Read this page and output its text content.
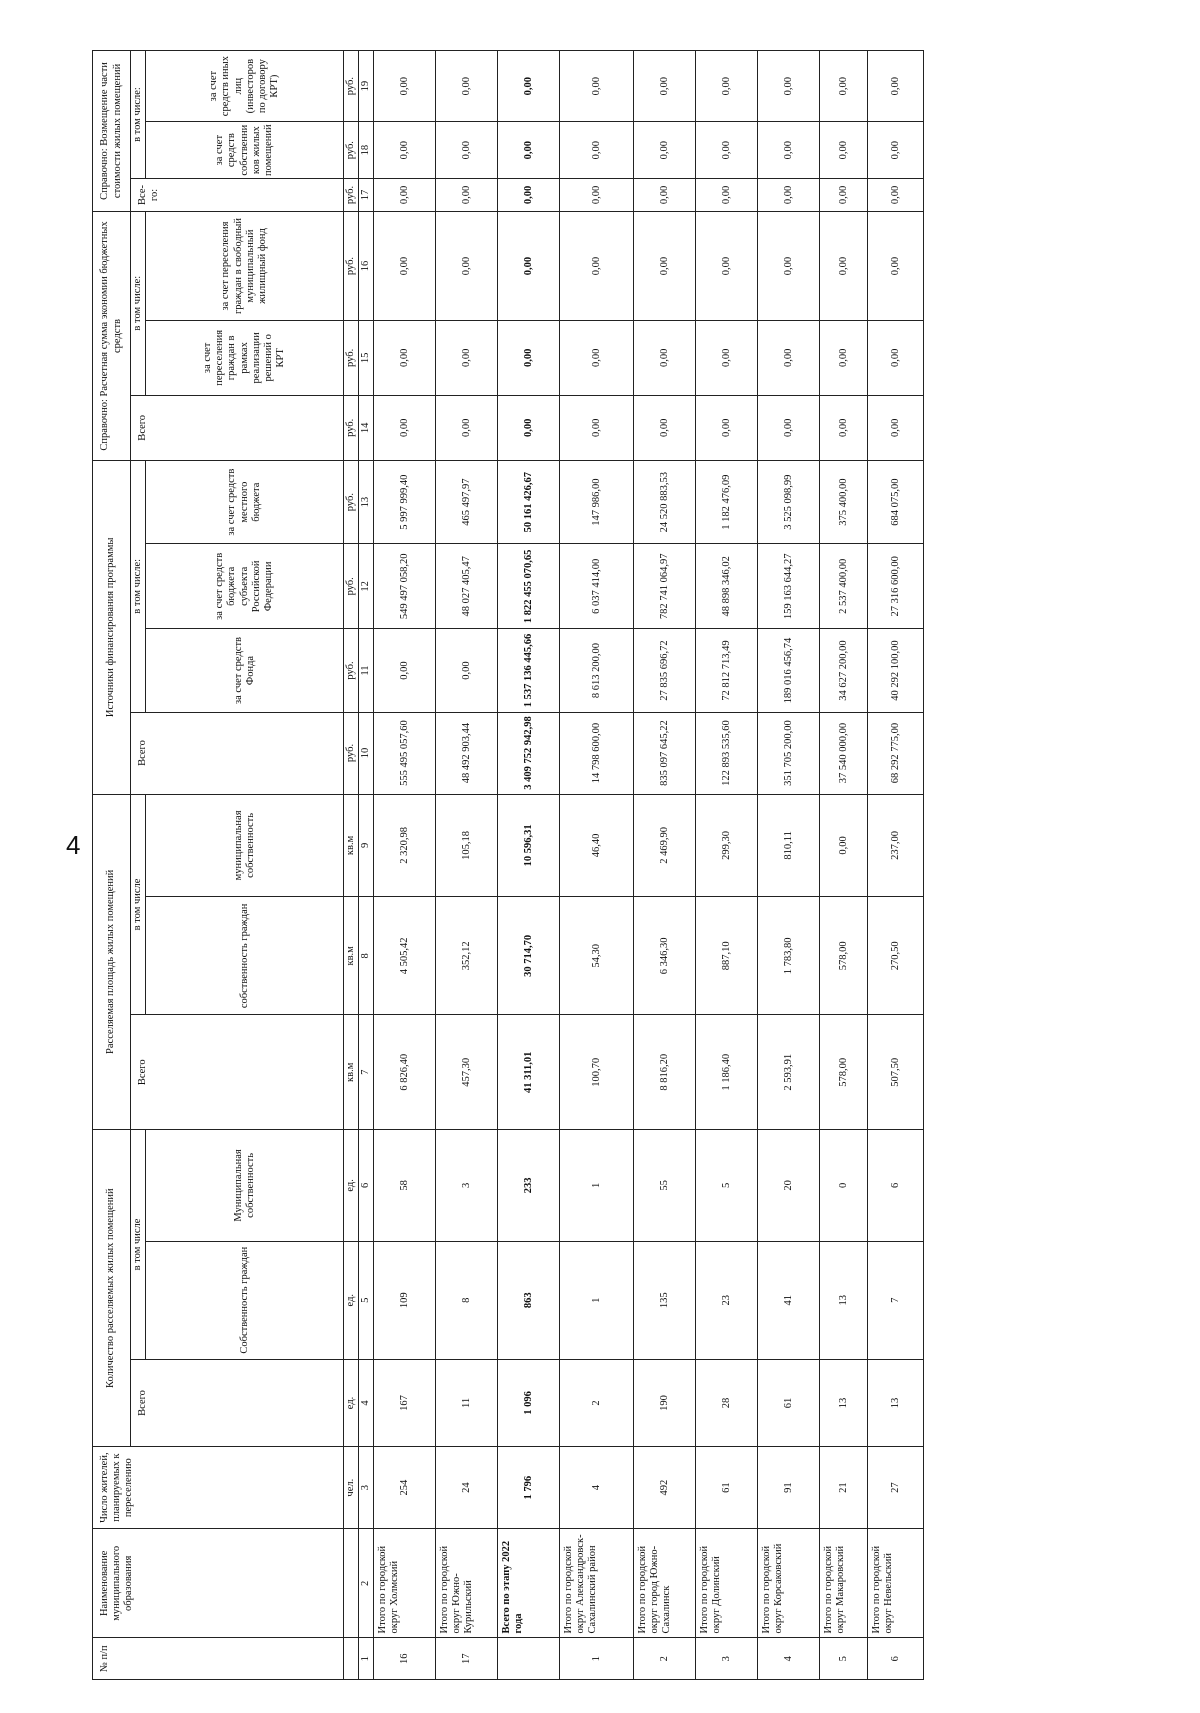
4
№ п/п	Наименование муниципального образования	Число жителей, планируемых к переселению	Количество расселяемых жилых помещений			Расселяемая площадь жилых помещений			Источники финансирования программы				Справочно: Расчетная сумма экономии бюджетных средств			Справочно: Возмещение части стоимости жилых помещений		
			Всего	в том числе		Всего	в том числе		Всего	в том числе:			Всего	в том числе:		Все-го:	в том числе:	
				Собственность граждан	Муниципальная собственность		собственность граждан	муниципальная собственность		за счет средств Фонда	за счет средств бюджета субъекта Российской Федерации	за счет средств местного бюджета		за счет переселения граждан в рамках реализации решений о КРТ	за счет переселения граждан в свободный муниципальный жилищный фонд		за счет средств собственников жилых помещений	за счет средств иных лиц (инвесторов по договору КРТ)
		чел.	ед.	ед.	ед.	кв.м	кв.м	кв.м	руб.	руб.	руб.	руб.	руб.	руб.	руб.	руб.	руб.	руб.
1	2	3	4	5	6	7	8	9	10	11	12	13	14	15	16	17	18	19
16	Итого по городской округ Холмский	254	167	109	58	6 826,40	4 505,42	2 320,98	555 495 057,60	0,00	549 497 058,20	5 997 999,40	0,00	0,00	0,00	0,00	0,00	0,00
17	Итого по городской округ Южно-Курильский	24	11	8	3	457,30	352,12	105,18	48 492 903,44	0,00	48 027 405,47	465 497,97	0,00	0,00	0,00	0,00	0,00	0,00
	Всего по этапу 2022 года	1 796	1 096	863	233	41 311,01	30 714,70	10 596,31	3 409 752 942,98	1 537 136 445,66	1 822 455 070,65	50 161 426,67	0,00	0,00	0,00	0,00	0,00	0,00
1	Итого по городской округ Александровск-Сахалинский район	4	2	1	1	100,70	54,30	46,40	14 798 600,00	8 613 200,00	6 037 414,00	147 986,00	0,00	0,00	0,00	0,00	0,00	0,00
2	Итого по городской округ город Южно-Сахалинск	492	190	135	55	8 816,20	6 346,30	2 469,90	835 097 645,22	27 835 696,72	782 741 064,97	24 520 883,53	0,00	0,00	0,00	0,00	0,00	0,00
3	Итого по городской округ Долинский	61	28	23	5	1 186,40	887,10	299,30	122 893 535,60	72 812 713,49	48 898 346,02	1 182 476,09	0,00	0,00	0,00	0,00	0,00	0,00
4	Итого по городской округ Корсаковский	91	61	41	20	2 593,91	1 783,80	810,11	351 705 200,00	189 016 456,74	159 163 644,27	3 525 098,99	0,00	0,00	0,00	0,00	0,00	0,00
5	Итого по городской округ Макаровский	21	13	13	0	578,00	578,00	0,00	37 540 000,00	34 627 200,00	2 537 400,00	375 400,00	0,00	0,00	0,00	0,00	0,00	0,00
6	Итого по городской округ Невельский	27	13	7	6	507,50	270,50	237,00	68 292 775,00	40 292 100,00	27 316 600,00	684 075,00	0,00	0,00	0,00	0,00	0,00	0,00
